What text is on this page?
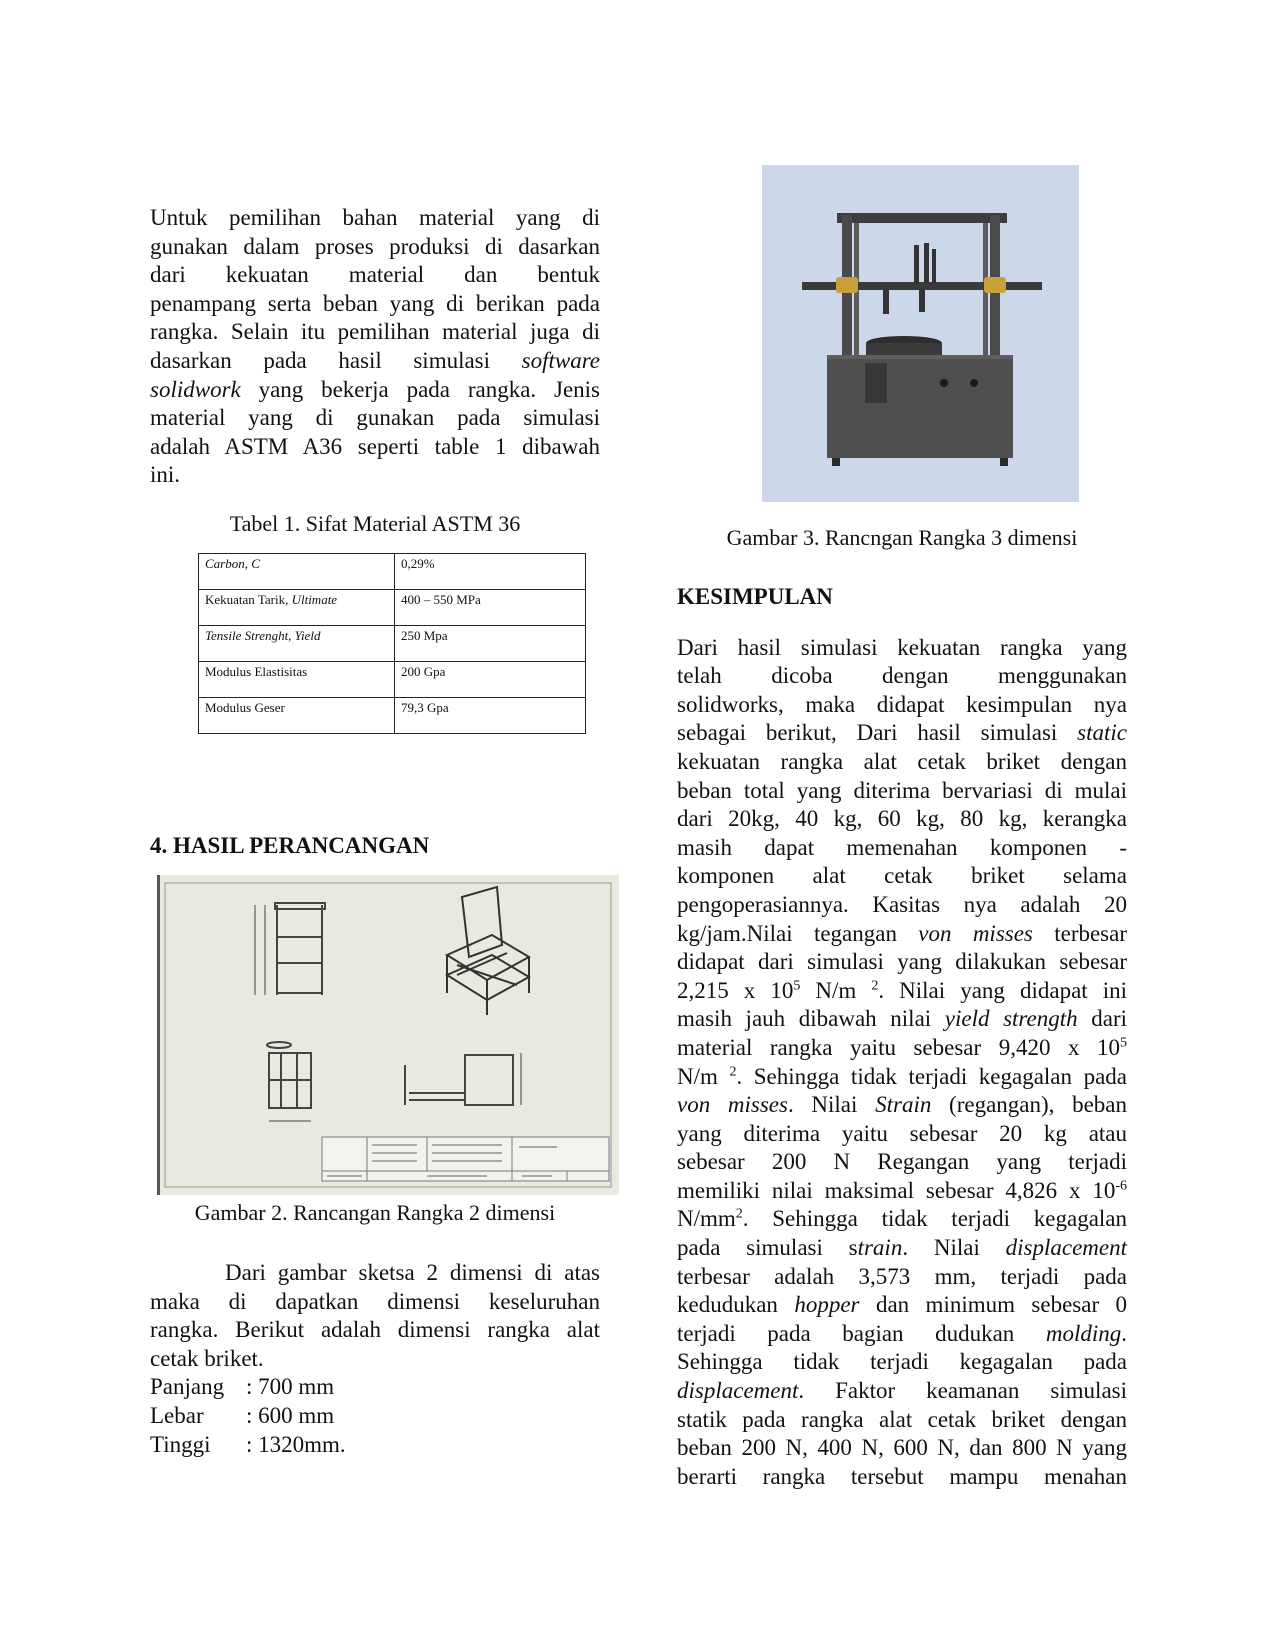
Untuk pemilihan bahan material yang di

gunakan dalam proses produksi di dasarkan

dari kekuatan material dan bentuk

penampang serta beban yang di berikan pada

rangka. Selain itu pemilihan material juga di

dasarkan pada hasil simulasi software

solidwork yang bekerja pada rangka. Jenis

material yang di gunakan pada simulasi

adalah ASTM A36 seperti table 1 dibawah

ini.

Tabel 1. Sifat Material ASTM 36

Carbon, C	0,29%
Kekuatan Tarik, Ultimate	400 – 550 MPa
Tensile Strenght, Yield	250 Mpa
Modulus Elastisitas	200 Gpa
Modulus Geser	79,3 Gpa

4. HASIL PERANCANGAN

Gambar 2. Rancangan Rangka 2 dimensi

Dari gambar sketsa 2 dimensi di atas

maka di dapatkan dimensi keseluruhan

rangka. Berikut adalah dimensi rangka alat

cetak briket.

Panjang : 700 mm

Lebar : 600 mm

Tinggi : 1320mm.

Gambar 3. Rancngan Rangka 3 dimensi

KESIMPULAN

Dari hasil simulasi kekuatan rangka yang

telah dicoba dengan menggunakan

solidworks, maka didapat kesimpulan nya

sebagai berikut, Dari hasil simulasi static

kekuatan rangka alat cetak briket dengan

beban total yang diterima bervariasi di mulai

dari 20kg, 40 kg, 60 kg, 80 kg, kerangka

masih dapat memenahan komponen -

komponen alat cetak briket selama

pengoperasiannya. Kasitas nya adalah 20

kg/jam.Nilai tegangan von misses terbesar

didapat dari simulasi yang dilakukan sebesar

2,215 x $10^5$ N/m $^2$. Nilai yang didapat ini

masih jauh dibawah nilai yield strength dari

material rangka yaitu sebesar 9,420 x $10^5$

N/m $^2$. Sehingga tidak terjadi kegagalan pada

von misses. Nilai Strain (regangan), beban

yang diterima yaitu sebesar 20 kg atau

sebesar 200 N Regangan yang terjadi

memiliki nilai maksimal sebesar 4,826 x $10^{-6}$

$N/mm^2$. Sehingga tidak terjadi kegagalan

pada simulasi strain. Nilai displacement

terbesar adalah 3,573 mm, terjadi pada

kedudukan hopper dan minimum sebesar 0

terjadi pada bagian dudukan molding.

Sehingga tidak terjadi kegagalan pada

displacement. Faktor keamanan simulasi

statik pada rangka alat cetak briket dengan

beban 200 N, 400 N, 600 N, dan 800 N yang

berarti rangka tersebut mampu menahan
